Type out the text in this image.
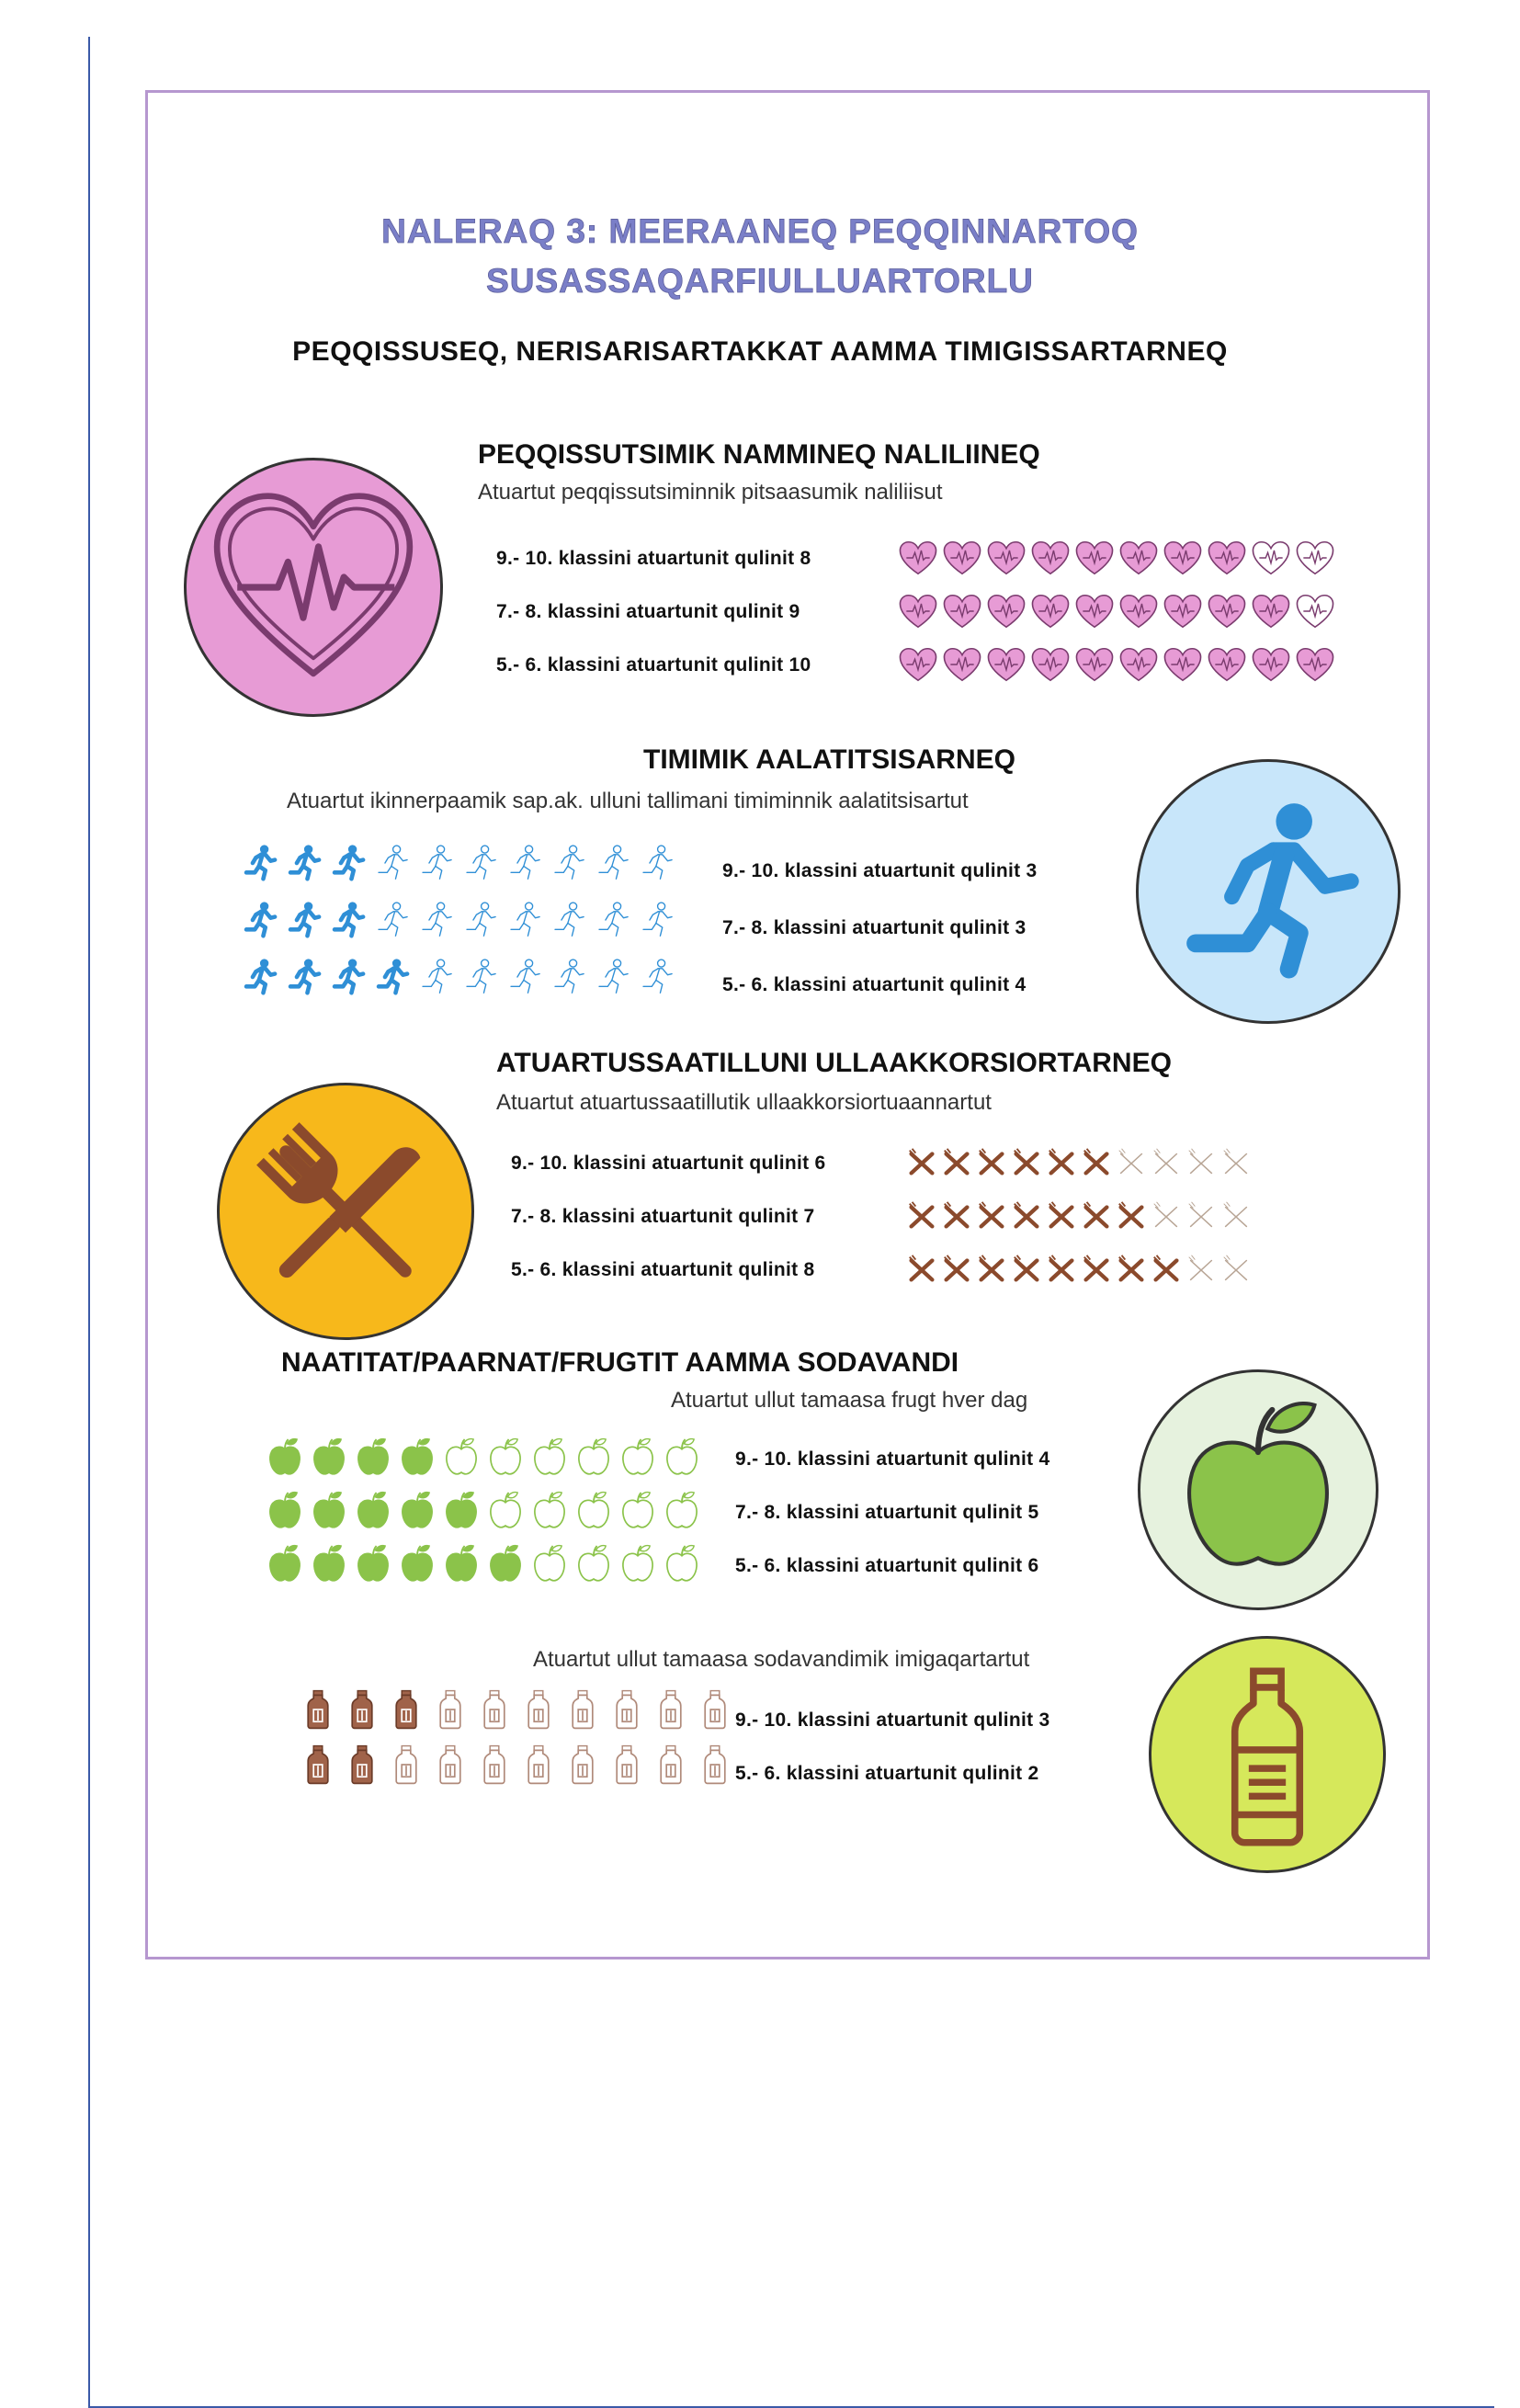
NALERAQ 3: MEERAANEQ PEQQINNARTOQ
SUSASSAQARFIULLUARTORLU
PEQQISSUSEQ, NERISARISARTAKKAT AAMMA TIMIGISSARTARNEQ
PEQQISSUTSIMIK NAMMINEQ NALILIINEQ
Atuartut peqqissutsiminnik pitsaasumik naliliisut
9.- 10. klassini atuartunit qulinit 8
7.- 8. klassini atuartunit qulinit 9
5.- 6. klassini atuartunit qulinit 10
TIMIMIK AALATITSISARNEQ
Atuartut ikinnerpaamik sap.ak. ulluni tallimani timiminnik aalatitsisartut
9.- 10. klassini atuartunit qulinit 3
7.- 8. klassini atuartunit qulinit 3
5.- 6. klassini atuartunit qulinit 4
ATUARTUSSAATILLUNI ULLAAKKORSIORTARNEQ
Atuartut atuartussaatillutik ullaakkorsiortuaannartut
9.- 10. klassini atuartunit qulinit 6
7.- 8. klassini atuartunit qulinit 7
5.- 6. klassini atuartunit qulinit 8
NAATITAT/PAARNAT/FRUGTIT AAMMA SODAVANDI
Atuartut ullut tamaasa frugt hver dag
9.- 10. klassini atuartunit qulinit 4
7.- 8. klassini atuartunit qulinit 5
5.- 6. klassini atuartunit qulinit 6
Atuartut ullut tamaasa sodavandimik imigaqartartut
9.- 10. klassini atuartunit qulinit 3
5.- 6. klassini atuartunit qulinit 2
